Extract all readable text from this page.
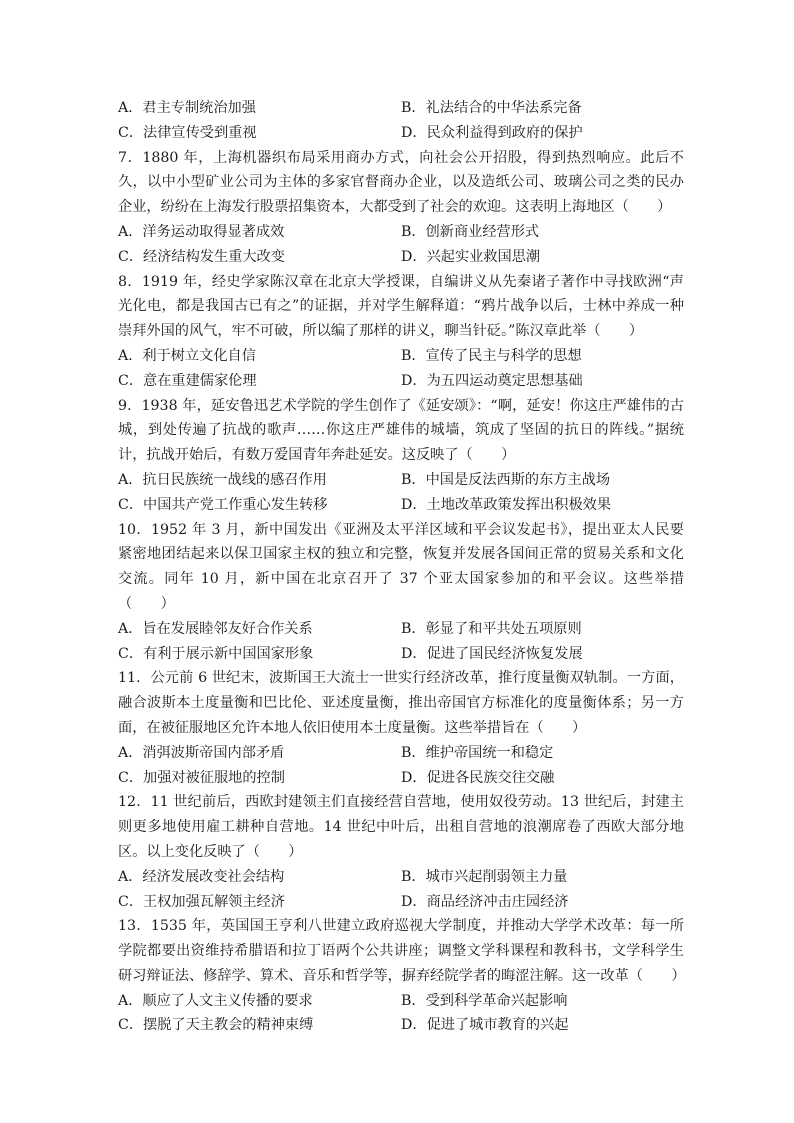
A．君主专制统治加强	B．礼法结合的中华法系完备
C．法律宣传受到重视	D．民众利益得到政府的保护

7．1880 年，上海机器织布局采用商办方式，向社会公开招股，得到热烈响应。此后不久，以中小型矿业公司为主体的多家官督商办企业，以及造纸公司、玻璃公司之类的民办企业，纷纷在上海发行股票招集资本，大都受到了社会的欢迎。这表明上海地区（　　）

A．洋务运动取得显著成效	B．创新商业经营形式
C．经济结构发生重大改变	D．兴起实业救国思潮

8．1919 年，经史学家陈汉章在北京大学授课，自编讲义从先秦诸子著作中寻找欧洲“声光化电，都是我国古已有之”的证据，并对学生解释道：“鸦片战争以后，士林中养成一种崇拜外国的风气，牢不可破，所以编了那样的讲义，聊当针砭。”陈汉章此举（　　）

A．利于树立文化自信	B．宣传了民主与科学的思想
C．意在重建儒家伦理	D．为五四运动奠定思想基础

9．1938 年，延安鲁迅艺术学院的学生创作了《延安颂》：“啊，延安！你这庄严雄伟的古城，到处传遍了抗战的歌声……你这庄严雄伟的城墙，筑成了坚固的抗日的阵线。”据统计，抗战开始后，有数万爱国青年奔赴延安。这反映了（　　）

A．抗日民族统一战线的感召作用	B．中国是反法西斯的东方主战场
C．中国共产党工作重心发生转移	D．土地改革政策发挥出积极效果

10．1952 年 3 月，新中国发出《亚洲及太平洋区域和平会议发起书》，提出亚太人民要紧密地团结起来以保卫国家主权的独立和完整，恢复并发展各国间正常的贸易关系和文化交流。同年 10 月，新中国在北京召开了 37 个亚太国家参加的和平会议。这些举措（　　）

A．旨在发展睦邻友好合作关系	B．彰显了和平共处五项原则
C．有利于展示新中国国家形象	D．促进了国民经济恢复发展

11．公元前 6 世纪末，波斯国王大流士一世实行经济改革，推行度量衡双轨制。一方面，融合波斯本土度量衡和巴比伦、亚述度量衡，推出帝国官方标准化的度量衡体系；另一方面，在被征服地区允许本地人依旧使用本土度量衡。这些举措旨在（　　）

A．消弭波斯帝国内部矛盾	B．维护帝国统一和稳定
C．加强对被征服地的控制	D．促进各民族交往交融

12．11 世纪前后，西欧封建领主们直接经营自营地，使用奴役劳动。13 世纪后，封建主则更多地使用雇工耕种自营地。14 世纪中叶后，出租自营地的浪潮席卷了西欧大部分地区。以上变化反映了（　　）

A．经济发展改变社会结构	B．城市兴起削弱领主力量
C．王权加强瓦解领主经济	D．商品经济冲击庄园经济

13．1535 年，英国国王亨利八世建立政府巡视大学制度，并推动大学学术改革：每一所学院都要出资维持希腊语和拉丁语两个公共讲座；调整文学科课程和教科书，文学科学生研习辩证法、修辞学、算术、音乐和哲学等，摒弃经院学者的晦涩注解。这一改革（　　）

A．顺应了人文主义传播的要求	B．受到科学革命兴起影响
C．摆脱了天主教会的精神束缚	D．促进了城市教育的兴起
